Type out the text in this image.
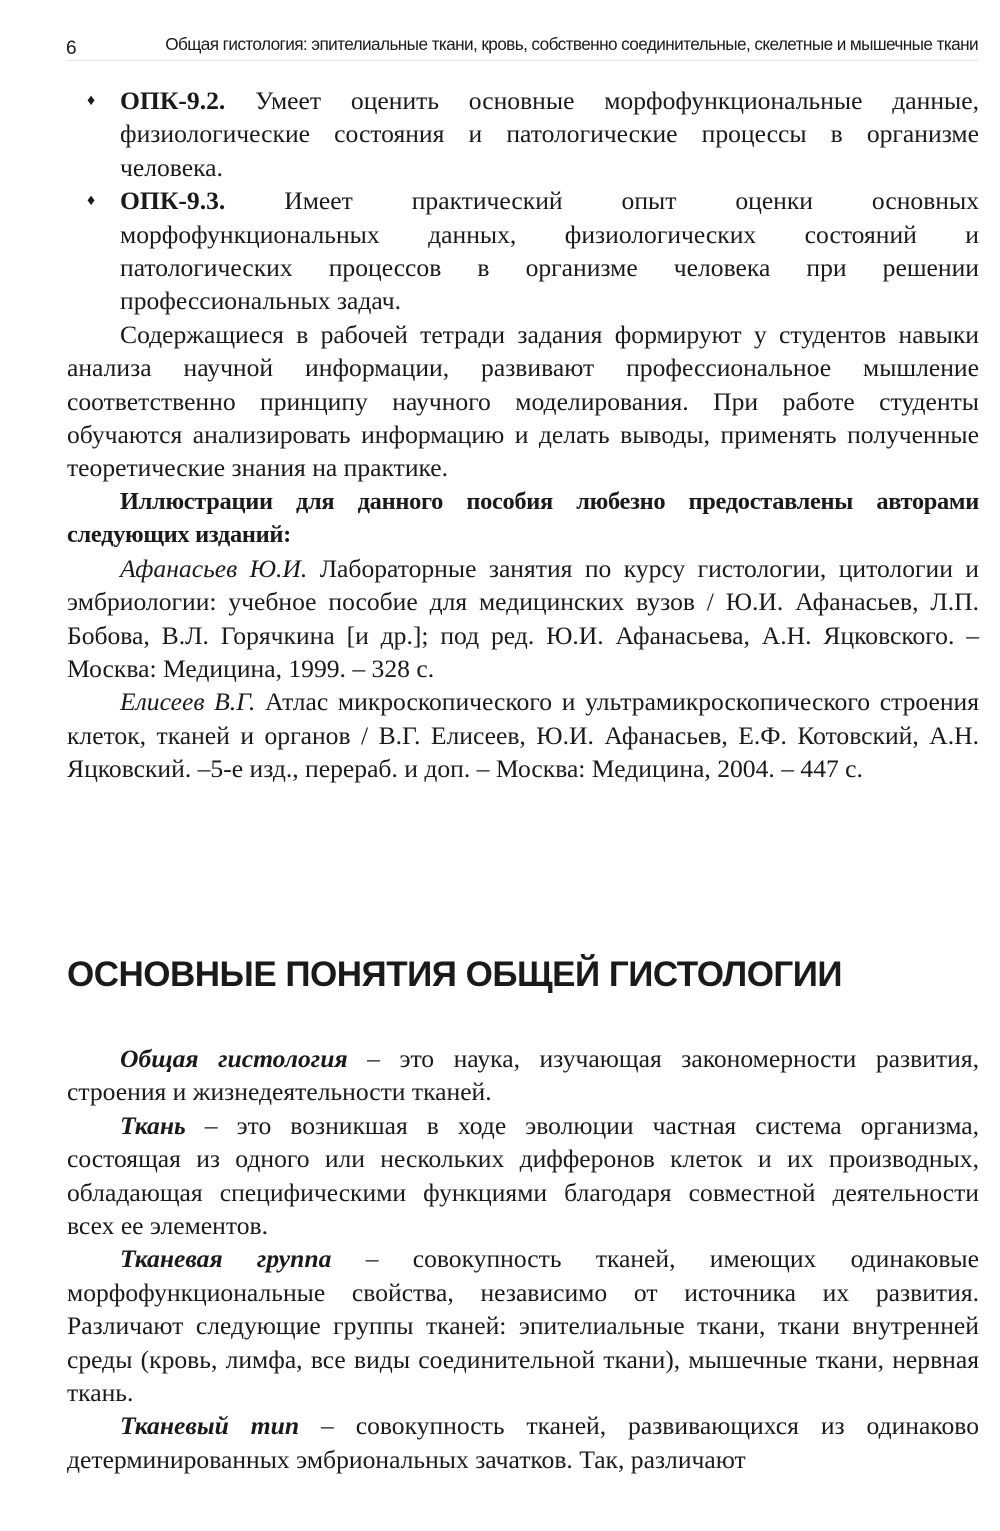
6	Общая гистология: эпителиальные ткани, кровь, собственно соединительные, скелетные и мышечные ткани
♦ ОПК-9.2. Умеет оценить основные морфофункциональные данные, физиологические состояния и патологические процессы в организме человека.
♦ ОПК-9.3. Имеет практический опыт оценки основных морфофункциональных данных, физиологических состояний и патологических процессов в организме человека при решении профессиональных задач.

Содержащиеся в рабочей тетради задания формируют у студентов навыки анализа научной информации, развивают профессиональное мышление соответственно принципу научного моделирования. При работе студенты обучаются анализировать информацию и делать выводы, применять полученные теоретические знания на практике.

Иллюстрации для данного пособия любезно предоставлены авторами следующих изданий:

Афанасьев Ю.И. Лабораторные занятия по курсу гистологии, цитологии и эмбриологии: учебное пособие для медицинских вузов / Ю.И. Афанасьев, Л.П. Бобова, В.Л. Горячкина [и др.]; под ред. Ю.И. Афанасьева, А.Н. Яцковского. – Москва: Медицина, 1999. – 328 с.

Елисеев В.Г. Атлас микроскопического и ультрамикроскопического строения клеток, тканей и органов / В.Г. Елисеев, Ю.И. Афанасьев, Е.Ф. Котовский, А.Н. Яцковский. –5-е изд., перераб. и доп. – Москва: Медицина, 2004. – 447 с.

ОСНОВНЫЕ ПОНЯТИЯ ОБЩЕЙ ГИСТОЛОГИИ

Общая гистология – это наука, изучающая закономерности развития, строения и жизнедеятельности тканей.

Ткань – это возникшая в ходе эволюции частная система организма, состоящая из одного или нескольких дифферонов клеток и их производных, обладающая специфическими функциями благодаря совместной деятельности всех ее элементов.

Тканевая группа – совокупность тканей, имеющих одинаковые морфофункциональные свойства, независимо от источника их развития. Различают следующие группы тканей: эпителиальные ткани, ткани внутренней среды (кровь, лимфа, все виды соединительной ткани), мышечные ткани, нервная ткань.

Тканевый тип – совокупность тканей, развивающихся из одинаково детерминированных эмбриональных зачатков. Так, различают
